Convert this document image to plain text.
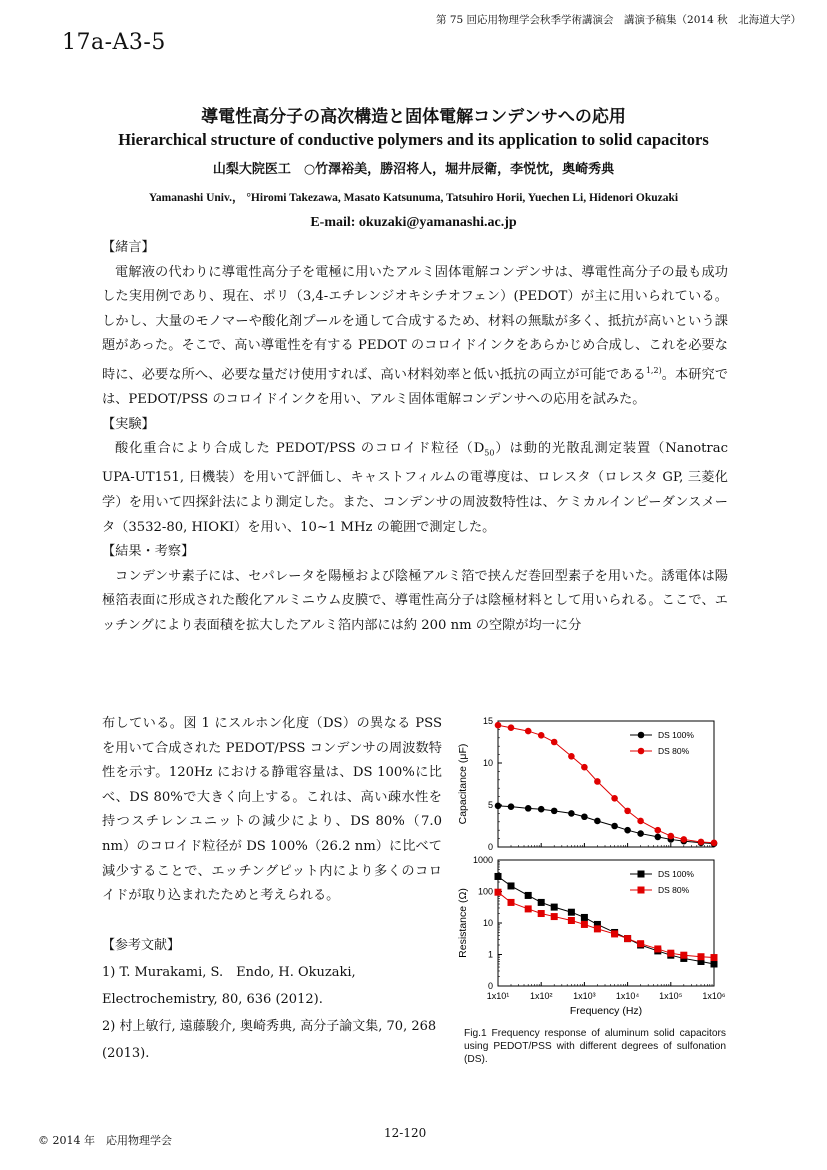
第 75 回応用物理学会秋季学術講演会　講演予稿集（2014 秋　北海道大学）
17a-A3-5
導電性高分子の高次構造と固体電解コンデンサへの応用
Hierarchical structure of conductive polymers and its application to solid capacitors
山梨大院医工　○竹澤裕美，勝沼将人，堀井辰衛，李悦忱，奥崎秀典
Yamanashi Univ.， °Hiromi Takezawa, Masato Katsunuma, Tatsuhiro Horii, Yuechen Li, Hidenori Okuzaki
E-mail: okuzaki@yamanashi.ac.jp

【緒言】

電解液の代わりに導電性高分子を電極に用いたアルミ固体電解コンデンサは、導電性高分子の最も成功した実用例であり、現在、ポリ（3,4-エチレンジオキシチオフェン）(PEDOT）が主に用いられている。しかし、大量のモノマーや酸化剤プールを通して合成するため、材料の無駄が多く、抵抗が高いという課題があった。そこで、高い導電性を有する PEDOT のコロイドインクをあらかじめ合成し、これを必要な時に、必要な所へ、必要な量だけ使用すれば、高い材料効率と低い抵抗の両立が可能である$^{1,2)}$。本研究では、PEDOT/PSS のコロイドインクを用い、アルミ固体電解コンデンサへの応用を試みた。

【実験】

酸化重合により合成した PEDOT/PSS のコロイド粒径$(D_{50})$は動的光散乱測定装置（Nanotrac UPA-UT151, 日機装）を用いて評価し、キャストフィルムの電導度は、ロレスタ（ロレスタ GP, 三菱化学）を用いて四探針法により測定した。また、コンデンサの周波数特性は、ケミカルインピーダンスメータ（3532-80, HIOKI）を用い、10~1 MHz の範囲で測定した。

【結果・考察】

コンデンサ素子には、セパレータを陽極および陰極アルミ箔で挟んだ巻回型素子を用いた。誘電体は陽極箔表面に形成された酸化アルミニウム皮膜で、導電性高分子は陰極材料として用いられる。ここで、エッチングにより表面積を拡大したアルミ箔内部には約 200 nm の空隙が均一に分

布している。図 1 にスルホン化度（DS）の異なる PSS を用いて合成された PEDOT/PSS コンデンサの周波数特性を示す。120Hz における静電容量は、DS 100%に比べ、DS 80%で大きく向上する。これは、高い疎水性を持つスチレンユニットの減少により、DS 80%（7.0 nm）のコロイド粒径が DS 100%（26.2 nm）に比べて減少することで、エッチングピット内により多くのコロイドが取り込まれたためと考えられる。
【参考文献】
1) T. Murakami, S.　Endo, H. Okuzaki, Electrochemistry, 80, 636 (2012).
2) 村上敏行, 遠藤駿介, 奥崎秀典, 高分子論文集, 70, 268 (2013).
0
5
10
15
Capacitance (μF)
DS 100%
DS 80%
0
1
10
100
1000
1x10¹ 1x10² 1x10³ 1x10⁴ 1x10⁵ 1x10⁶
Resistance (Ω)
Frequency (Hz)
DS 100%
DS 80%
Fig.1 Frequency response of aluminum solid capacitors using PEDOT/PSS with different degrees of sulfonation (DS).
© 2014 年　応用物理学会
12-120
